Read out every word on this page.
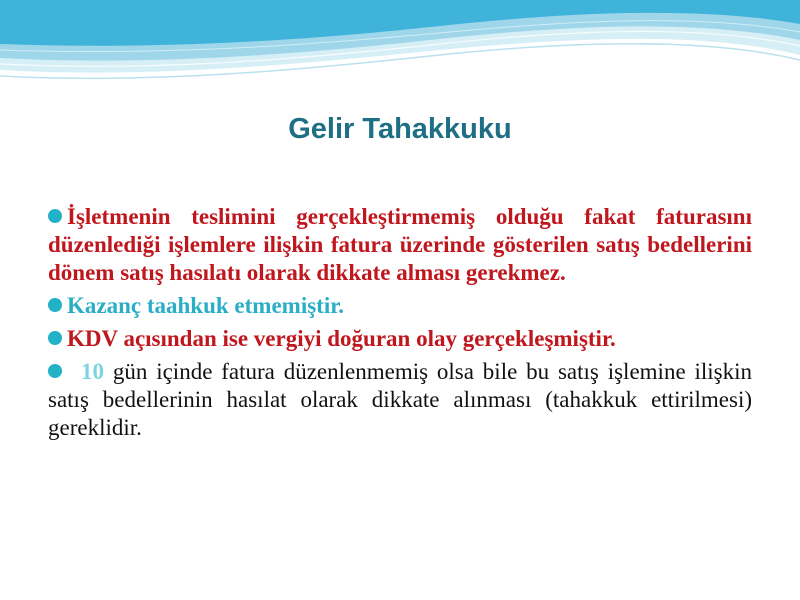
Gelir Tahakkuku
İşletmenin teslimini gerçekleştirmemiş olduğu fakat faturasını düzenlediği işlemlere ilişkin fatura üzerinde gösterilen satış bedellerini dönem satış hasılatı olarak dikkate alması gerekmez.
Kazanç taahkuk etmemiştir.
KDV açısından ise vergiyi doğuran olay gerçekleşmiştir.
10 gün içinde fatura düzenlenmemiş olsa bile bu satış işlemine ilişkin satış bedellerinin hasılat olarak dikkate alınması (tahakkuk ettirilmesi) gereklidir.
